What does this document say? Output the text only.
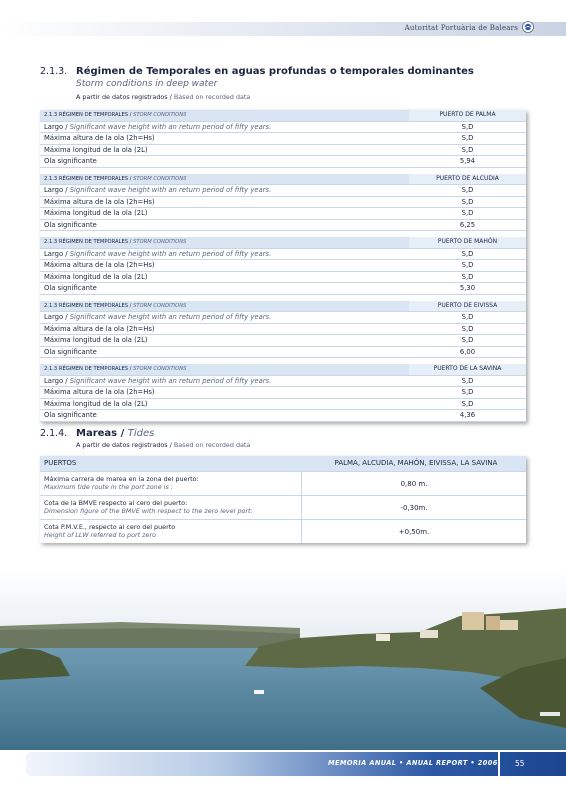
Autoritat Portuària de Balears
2.1.3. Régimen de Temporales en aguas profundas o temporales dominantes
Storm conditions in deep water
A partir de datos registrados / Based on recorded data
2.1.3 RÉGIMEN DE TEMPORALES / STORM CONDITIONS	PUERTO DE PALMA
Largo / Significant wave height with an return period of fifty years.	S,D
Máxima altura de la ola (2h=Hs)	S,D
Máxima longitud de la ola (2L)	S,D
Ola significante	5,94
2.1.3 RÉGIMEN DE TEMPORALES / STORM CONDITIONS	PUERTO DE ALCUDIA
Largo / Significant wave height with an return period of fifty years.	S,D
Máxima altura de la ola (2h=Hs)	S,D
Máxima longitud de la ola (2L)	S,D
Ola significante	6,25
2.1.3 RÉGIMEN DE TEMPORALES / STORM CONDITIONS	PUERTO DE MAHÓN
Largo / Significant wave height with an return period of fifty years.	S,D
Máxima altura de la ola (2h=Hs)	S,D
Máxima longitud de la ola (2L)	S,D
Ola significante	5,30
2.1.3 RÉGIMEN DE TEMPORALES / STORM CONDITIONS	PUERTO DE EIVISSA
Largo / Significant wave height with an return period of fifty years.	S,D
Máxima altura de la ola (2h=Hs)	S,D
Máxima longitud de la ola (2L)	S,D
Ola significante	6,00
2.1.3 RÉGIMEN DE TEMPORALES / STORM CONDITIONS	PUERTO DE LA SAVINA
Largo / Significant wave height with an return period of fifty years.	S,D
Máxima altura de la ola (2h=Hs)	S,D
Máxima longitud de la ola (2L)	S,D
Ola significante	4,36
2.1.4. Mareas / Tides
A partir de datos registrados / Based on recorded data
PUERTOS	PALMA, ALCUDIA, MAHÓN, EIVISSA, LA SAVINA
Máxima carrera de marea en la zona del puerto:
Maximum tide route in the port zone is :	0,80 m.
Cota de la BMVE respecto al cero del puerto:
Dimension figure of the BMVE with respect to the zero level port:	-0,30m.
Cota P.M.V.E., respecto al cero del puerto
Height of LLW referred to port zero	+0,50m.
MEMORIA ANUAL • ANUAL REPORT • 2006 55
